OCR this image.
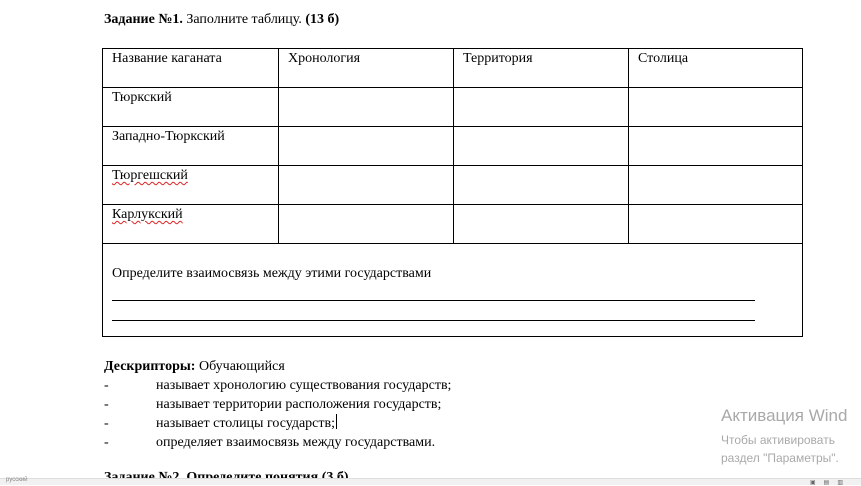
Задание №1. Заполните таблицу. (13 б)
Название каганата	Хронология	Территория	Столица
Тюркский			
Западно-Тюркский			
Тюргешский			
Карлукский			

Определите взаимосвязь между этими государствами			
Дескрипторы: Обучающийся
-	называет хронологию существования государств;
-	называет территории расположения государств;
-	называет столицы государств;
-	определяет взаимосвязь между государствами.
Активация Wind
Чтобы активировать
раздел "Параметры".
русский	▣▤▥
